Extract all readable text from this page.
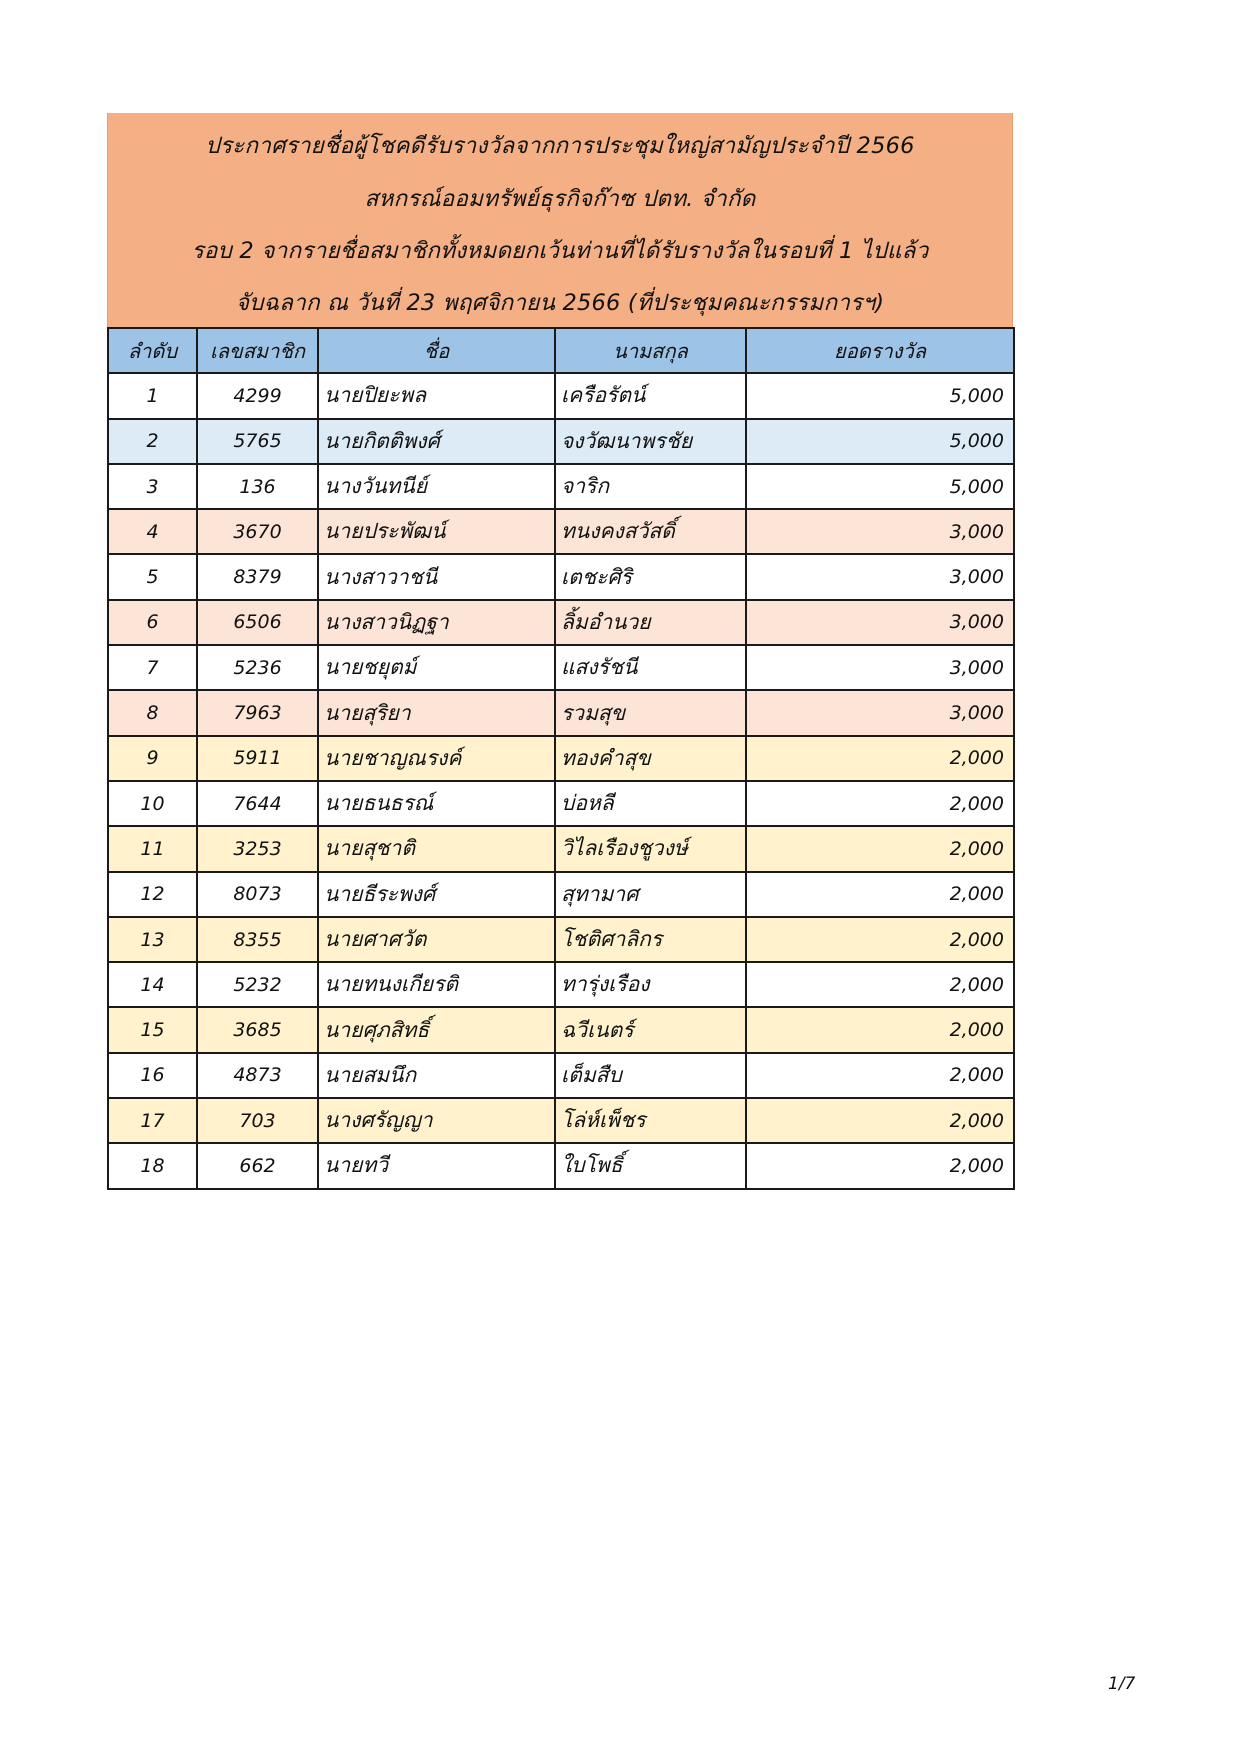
ประกาศรายชื่อผู้โชคดีรับรางวัลจากการประชุมใหญ่สามัญประจำปี 2566
สหกรณ์ออมทรัพย์ธุรกิจก๊าซ ปตท. จำกัด
รอบ 2 จากรายชื่อสมาชิกทั้งหมดยกเว้นท่านที่ได้รับรางวัลในรอบที่ 1 ไปแล้ว
จับฉลาก ณ วันที่ 23 พฤศจิกายน 2566 (ที่ประชุมคณะกรรมการฯ)
ลำดับ	เลขสมาชิก	ชื่อ	นามสกุล	ยอดรางวัล
1	4299	นายปิยะพล	เครือรัตน์	5,000
2	5765	นายกิตติพงศ์	จงวัฒนาพรชัย	5,000
3	136	นางวันทนีย์	จาริก	5,000
4	3670	นายประพัฒน์	ทนงคงสวัสดิ์	3,000
5	8379	นางสาวาชนี	เตชะศิริ	3,000
6	6506	นางสาวนิฏฐา	ลิ้มอำนวย	3,000
7	5236	นายชยุตม์	แสงรัชนี	3,000
8	7963	นายสุริยา	รวมสุข	3,000
9	5911	นายชาญณรงค์	ทองคำสุข	2,000
10	7644	นายธนธรณ์	บ่อหลี	2,000
11	3253	นายสุชาติ	วิไลเรืองชูวงษ์	2,000
12	8073	นายธีระพงศ์	สุทามาศ	2,000
13	8355	นายศาศวัต	โชติศาลิกร	2,000
14	5232	นายทนงเกียรติ	ทารุ่งเรือง	2,000
15	3685	นายศุภสิทธิ์	ฉวีเนตร์	2,000
16	4873	นายสมนึก	เต็มสืบ	2,000
17	703	นางศรัญญา	โล่ห์เพ็ชร	2,000
18	662	นายทวี	ใบโพธิ์	2,000
1/7
